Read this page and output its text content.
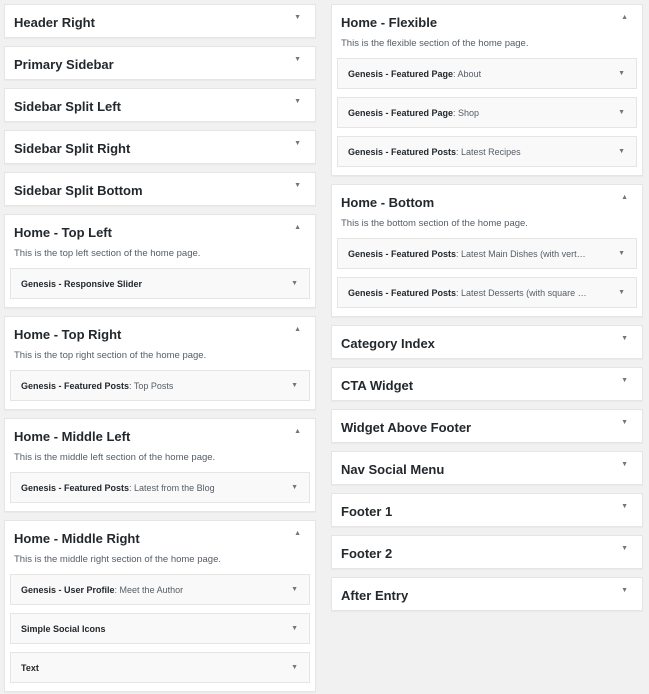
Header Right	▼
Primary Sidebar	▼
Sidebar Split Left	▼
Sidebar Split Right	▼
Sidebar Split Bottom	▼
Home - Top Left	▲
This is the top left section of the home page.
Genesis - Responsive Slider	▼
Home - Top Right	▲
This is the top right section of the home page.
Genesis - Featured Posts: Top Posts	▼
Home - Middle Left	▲
This is the middle left section of the home page.
Genesis - Featured Posts: Latest from the Blog	▼
Home - Middle Right	▲
This is the middle right section of the home page.
Genesis - User Profile: Meet the Author	▼
Simple Social Icons	▼
Text	▼
Home - Flexible	▲
This is the flexible section of the home page.
Genesis - Featured Page: About	▼
Genesis - Featured Page: Shop	▼
Genesis - Featured Posts: Latest Recipes	▼
Home - Bottom	▲
This is the bottom section of the home page.
Genesis - Featured Posts: Latest Main Dishes (with vert…	▼
Genesis - Featured Posts: Latest Desserts (with square …	▼
Category Index	▼
CTA Widget	▼
Widget Above Footer	▼
Nav Social Menu	▼
Footer 1	▼
Footer 2	▼
After Entry	▼
